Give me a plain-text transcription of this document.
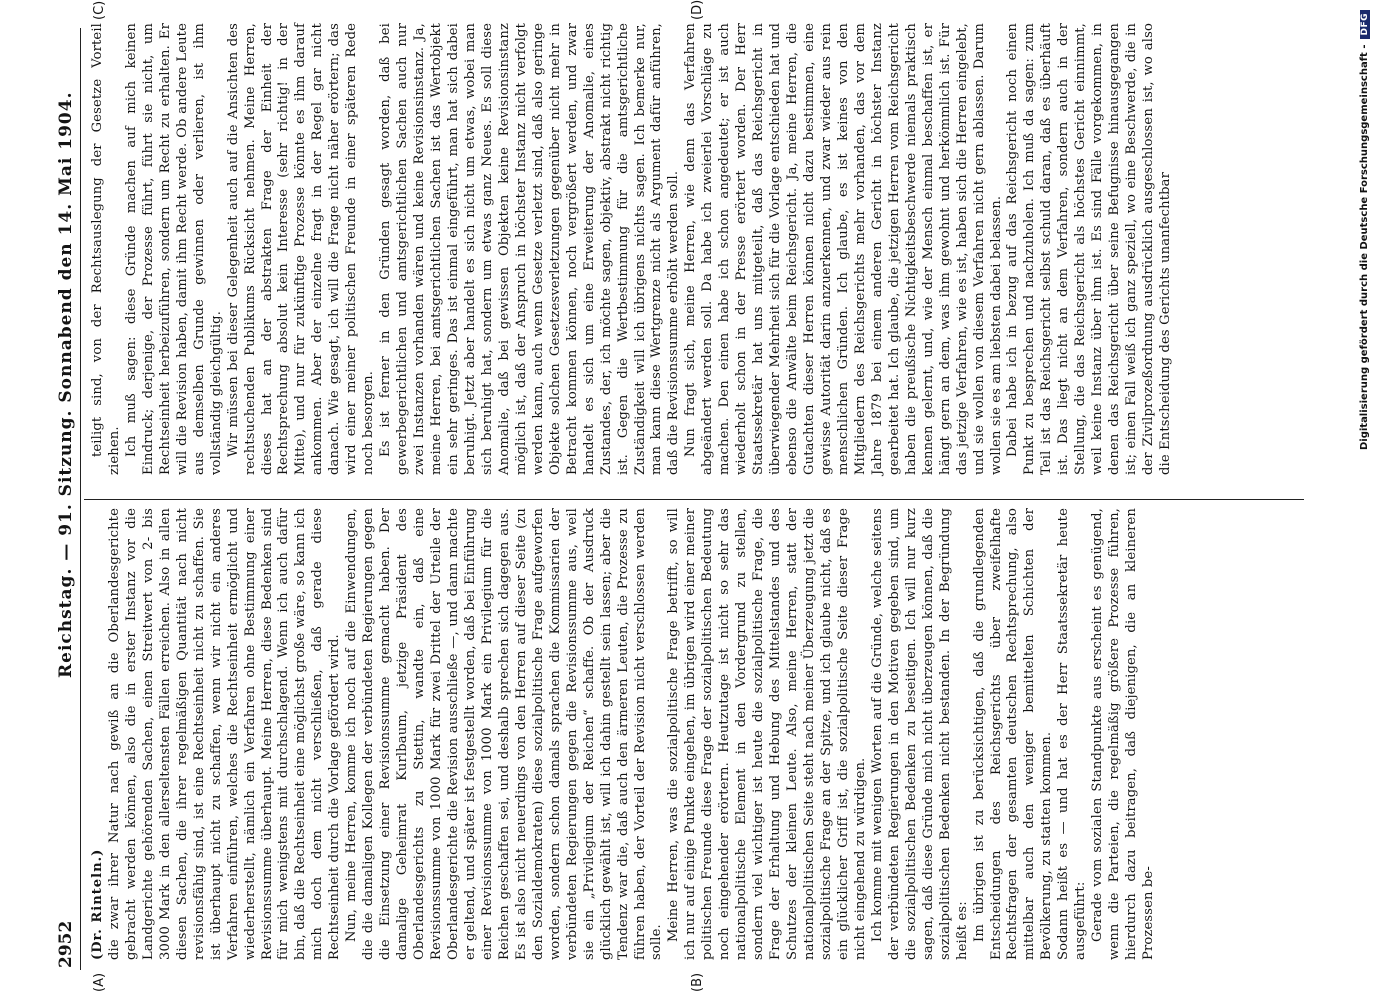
2952
Reichstag. — 91. Sitzung. Sonnabend den 14. Mai 1904.
(A)	(B)
(C)	(D)

(Dr. Rinteln.) die zwar ihrer Natur nach gewiß an die Oberlandesgerichte gebracht werden können, also die in erster Instanz vor die Landgerichte gehörenden Sachen, einen Streitwert von 2- bis 3000 Mark in den allerseltensten Fällen erreichen. Also in allen diesen Sachen, die ihrer regelmäßigen Quantität nach nicht revisionsfähig sind, ist eine Rechtseinheit nicht zu schaffen. Sie ist überhaupt nicht zu schaffen, wenn wir nicht ein anderes Verfahren einführen, welches die Rechtseinheit ermöglicht und wiederherstellt, nämlich ein Verfahren ohne Bestimmung einer Revisionssumme überhaupt. Meine Herren, diese Bedenken sind für mich wenigstens mit durchschlagend. Wenn ich auch dafür bin, daß die Rechtseinheit eine möglichst große wäre, so kann ich mich doch dem nicht verschließen, daß gerade diese Rechtseinheit durch die Vorlage gefördert wird. Nun, meine Herren, komme ich noch auf die Einwendungen, die die damaligen Kollegen der verbündeten Regierungen gegen die Einsetzung einer Revisionssumme gemacht haben. Der damalige Geheimrat Kurlbaum, jetzige Präsident des Oberlandesgerichts zu Stettin, wandte ein, daß eine Revisionssumme von 1000 Mark für zwei Drittel der Urteile der Oberlandesgerichte die Revision ausschließe —, und dann machte er geltend, und später ist festgestellt worden, daß bei Einführung einer Revisionssumme von 1000 Mark ein Privilegium für die Reichen geschaffen sei, und deshalb sprechen sich dagegen aus. Es ist also nicht neuerdings von den Herren auf dieser Seite (zu den Sozialdemokraten) diese sozialpolitische Frage aufgeworfen worden, sondern schon damals sprachen die Kommissarien der verbündeten Regierungen gegen die Revisionssumme aus, weil sie ein „Privilegium der Reichen“ schaffe. Ob der Ausdruck glücklich gewählt ist, will ich dahin gestellt sein lassen; aber die Tendenz war die, daß auch den ärmeren Leuten, die Prozesse zu führen haben, der Vorteil der Revision nicht verschlossen werden solle.

Meine Herren, was die sozialpolitische Frage betrifft, so will ich nur auf einige Punkte eingehen, im übrigen wird einer meiner politischen Freunde diese Frage der sozialpolitischen Bedeutung noch eingehender erörtern. Heutzutage ist nicht so sehr das nationalpolitische Element in den Vordergrund zu stellen, sondern viel wichtiger ist heute die sozialpolitische Frage, die Frage der Erhaltung und Hebung des Mittelstandes und des Schutzes der kleinen Leute. Also, meine Herren, statt der nationalpolitischen Seite steht nach meiner Überzeugung jetzt die sozialpolitische Frage an der Spitze, und ich glaube nicht, daß es ein glücklicher Griff ist, die sozialpolitische Seite dieser Frage nicht eingehend zu würdigen. Ich komme mit wenigen Worten auf die Gründe, welche seitens der verbündeten Regierungen in den Motiven gegeben sind, um die sozialpolitischen Bedenken zu beseitigen. Ich will nur kurz sagen, daß diese Gründe mich nicht überzeugen können, daß die sozialpolitischen Bedenken nicht bestanden. In der Begründung heißt es: Im übrigen ist zu berücksichtigen, daß die grundlegenden Entscheidungen des Reichsgerichts über zweifelhafte Rechtsfragen der gesamten deutschen Rechtsprechung, also mittelbar auch den weniger bemittelten Schichten der Bevölkerung, zu statten kommen. Sodann heißt es — und hat es der Herr Staatssekretär heute ausgeführt: Gerade vom sozialen Standpunkte aus erscheint es genügend, wenn die Parteien, die regelmäßig größere Prozesse führen, hierdurch dazu beitragen, daß diejenigen, die an kleineren Prozessen be-

teiligt sind, von der Rechtsauslegung der Gesetze Vorteil ziehen. Ich muß sagen: diese Gründe machen auf mich keinen Eindruck; derjenige, der Prozesse führt, führt sie nicht, um Rechtseinheit herbeizuführen, sondern um Recht zu erhalten. Er will die Revision haben, damit ihm Recht werde. Ob andere Leute aus demselben Grunde gewinnen oder verlieren, ist ihm vollständig gleichgültig. Wir müssen bei dieser Gelegenheit auch auf die Ansichten des rechtsuchenden Publikums Rücksicht nehmen. Meine Herren, dieses hat an der abstrakten Frage der Einheit der Rechtsprechung absolut kein Interesse (sehr richtig! in der Mitte), und nur für zukünftige Prozesse könnte es ihm darauf ankommen. Aber der einzelne fragt in der Regel gar nicht danach. Wie gesagt, ich will die Frage nicht näher erörtern; das wird einer meiner politischen Freunde in einer späteren Rede noch besorgen. Es ist ferner in den Gründen gesagt worden, daß bei gewerbegerichtlichen und amtsgerichtlichen Sachen auch nur zwei Instanzen vorhanden wären und keine Revisionsinstanz. Ja, meine Herren, bei amtsgerichtlichen Sachen ist das Wertobjekt ein sehr geringes. Das ist einmal eingeführt, man hat sich dabei beruhigt. Jetzt aber handelt es sich nicht um etwas, wobei man sich beruhigt hat, sondern um etwas ganz Neues. Es soll diese Anomalie, daß bei gewissen Objekten keine Revisionsinstanz möglich ist, daß der Anspruch in höchster Instanz nicht verfolgt werden kann, auch wenn Gesetze verletzt sind, daß also geringe Objekte solchen Gesetzesverletzungen gegenüber nicht mehr in Betracht kommen können, noch vergrößert werden, und zwar handelt es sich um eine Erweiterung der Anomalie, eines Zustandes, der, ich möchte sagen, objektiv, abstrakt nicht richtig ist. Gegen die Wertbestimmung für die amtsgerichtliche Zuständigkeit will ich übrigens nichts sagen. Ich bemerke nur, man kann diese Wertgrenze nicht als Argument dafür anführen, daß die Revisionssumme erhöht werden soll. Nun fragt sich, meine Herren, wie denn das Verfahren abgeändert werden soll. Da habe ich zweierlei Vorschläge zu machen. Den einen habe ich schon angedeutet; er ist auch wiederholt schon in der Presse erörtert worden. Der Herr Staatssekretär hat uns mitgeteilt, daß das Reichsgericht in überwiegender Mehrheit sich für die Vorlage entschieden hat und ebenso die Anwälte beim Reichsgericht. Ja, meine Herren, die Gutachten dieser Herren können nicht dazu bestimmen, eine gewisse Autorität darin anzuerkennen, und zwar wieder aus rein menschlichen Gründen. Ich glaube, es ist keines von den Mitgliedern des Reichsgerichts mehr vorhanden, das vor dem Jahre 1879 bei einem anderen Gericht in höchster Instanz gearbeitet hat. Ich glaube, die jetzigen Herren vom Reichsgericht haben die preußische Nichtigkeitsbeschwerde niemals praktisch kennen gelernt, und, wie der Mensch einmal beschaffen ist, er hängt gern an dem, was ihm gewohnt und herkömmlich ist. Für das jetzige Verfahren, wie es ist, haben sich die Herren eingelebt, und sie wollen von diesem Verfahren nicht gern ablassen. Darum wollen sie es am liebsten dabei belassen. Dabei habe ich in bezug auf das Reichsgericht noch einen Punkt zu besprechen und nachzuholen. Ich muß da sagen: zum Teil ist das Reichsgericht selbst schuld daran, daß es überhäuft ist. Das liegt nicht an dem Verfahren, sondern auch in der Stellung, die das Reichsgericht als höchstes Gericht einnimmt, weil keine Instanz über ihm ist. Es sind Fälle vorgekommen, in denen das Reichsgericht über seine Befugnisse hinausgegangen ist; einen Fall weiß ich ganz speziell, wo eine Beschwerde, die in der Zivilprozeßordnung ausdrücklich ausgeschlossen ist, wo also die Entscheidung des Gerichts unanfechtbar	Digitalisierung gefördert durch die Deutsche Forschungsgemeinschaft -DFG
